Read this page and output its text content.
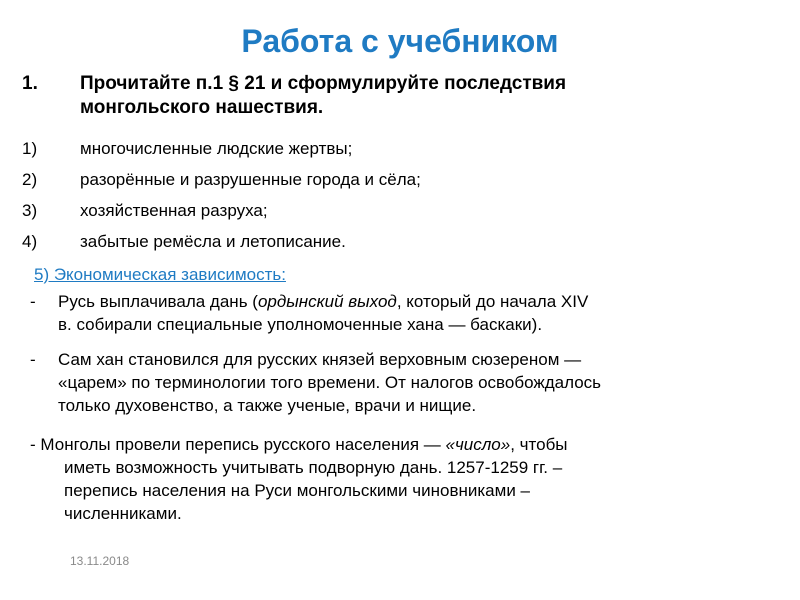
Работа с учебником
1. Прочитайте п.1 § 21 и сформулируйте последствия
монгольского нашествия.
1)	многочисленные людские жертвы;
2)	разорённые и разрушенные города и сёла;
3)	хозяйственная разруха;
4)	забытые ремёсла и летописание.
5) Экономическая зависимость:
- Русь выплачивала дань (ордынский выход, который до начала XIV
в. собирали специальные уполномоченные хана — баскаки).
- Сам хан становился для русских князей верховным сюзереном —
«царем» по терминологии того времени. От налогов освобождалось
только духовенство, а также ученые, врачи и нищие.
- Монголы провели перепись русского населения — «число», чтобы
иметь возможность учитывать подворную дань. 1257-1259 гг. –
перепись населения на Руси монгольскими чиновниками –
численниками.
13.11.2018
